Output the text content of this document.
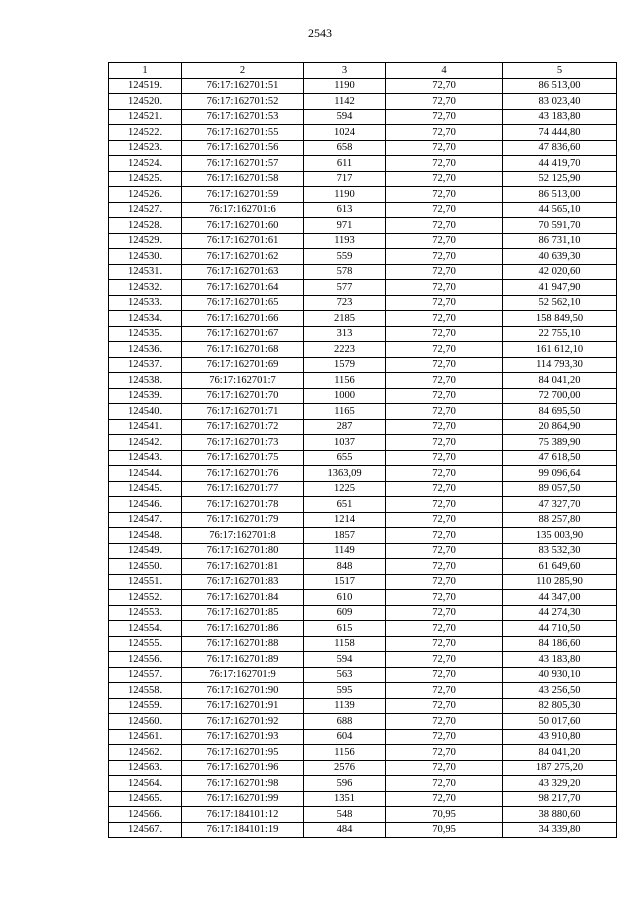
2543
1	2	3	4	5
124519.	76:17:162701:51	1190	72,70	86 513,00
124520.	76:17:162701:52	1142	72,70	83 023,40
124521.	76:17:162701:53	594	72,70	43 183,80
124522.	76:17:162701:55	1024	72,70	74 444,80
124523.	76:17:162701:56	658	72,70	47 836,60
124524.	76:17:162701:57	611	72,70	44 419,70
124525.	76:17:162701:58	717	72,70	52 125,90
124526.	76:17:162701:59	1190	72,70	86 513,00
124527.	76:17:162701:6	613	72,70	44 565,10
124528.	76:17:162701:60	971	72,70	70 591,70
124529.	76:17:162701:61	1193	72,70	86 731,10
124530.	76:17:162701:62	559	72,70	40 639,30
124531.	76:17:162701:63	578	72,70	42 020,60
124532.	76:17:162701:64	577	72,70	41 947,90
124533.	76:17:162701:65	723	72,70	52 562,10
124534.	76:17:162701:66	2185	72,70	158 849,50
124535.	76:17:162701:67	313	72,70	22 755,10
124536.	76:17:162701:68	2223	72,70	161 612,10
124537.	76:17:162701:69	1579	72,70	114 793,30
124538.	76:17:162701:7	1156	72,70	84 041,20
124539.	76:17:162701:70	1000	72,70	72 700,00
124540.	76:17:162701:71	1165	72,70	84 695,50
124541.	76:17:162701:72	287	72,70	20 864,90
124542.	76:17:162701:73	1037	72,70	75 389,90
124543.	76:17:162701:75	655	72,70	47 618,50
124544.	76:17:162701:76	1363,09	72,70	99 096,64
124545.	76:17:162701:77	1225	72,70	89 057,50
124546.	76:17:162701:78	651	72,70	47 327,70
124547.	76:17:162701:79	1214	72,70	88 257,80
124548.	76:17:162701:8	1857	72,70	135 003,90
124549.	76:17:162701:80	1149	72,70	83 532,30
124550.	76:17:162701:81	848	72,70	61 649,60
124551.	76:17:162701:83	1517	72,70	110 285,90
124552.	76:17:162701:84	610	72,70	44 347,00
124553.	76:17:162701:85	609	72,70	44 274,30
124554.	76:17:162701:86	615	72,70	44 710,50
124555.	76:17:162701:88	1158	72,70	84 186,60
124556.	76:17:162701:89	594	72,70	43 183,80
124557.	76:17:162701:9	563	72,70	40 930,10
124558.	76:17:162701:90	595	72,70	43 256,50
124559.	76:17:162701:91	1139	72,70	82 805,30
124560.	76:17:162701:92	688	72,70	50 017,60
124561.	76:17:162701:93	604	72,70	43 910,80
124562.	76:17:162701:95	1156	72,70	84 041,20
124563.	76:17:162701:96	2576	72,70	187 275,20
124564.	76:17:162701:98	596	72,70	43 329,20
124565.	76:17:162701:99	1351	72,70	98 217,70
124566.	76:17:184101:12	548	70,95	38 880,60
124567.	76:17:184101:19	484	70,95	34 339,80
